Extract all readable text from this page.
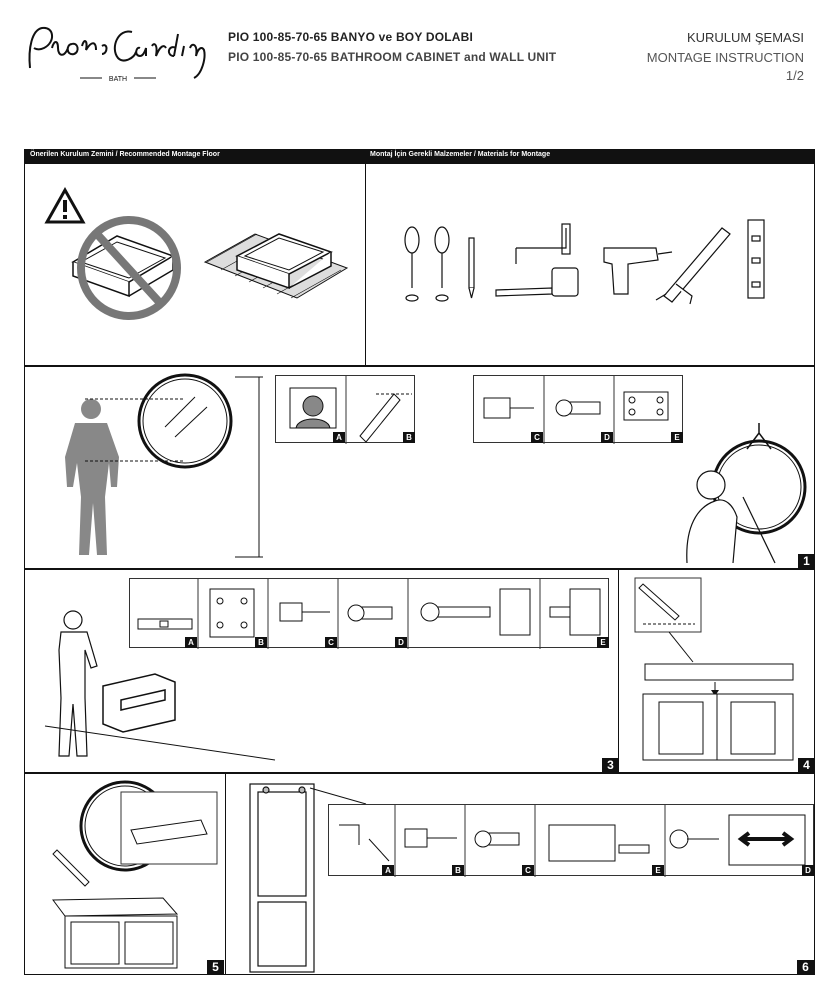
BATH
PIO 100-85-70-65 BANYO ve BOY DOLABI
PIO 100-85-70-65 BATHROOM CABINET and WALL UNIT
KURULUM ŞEMASI
MONTAGE INSTRUCTION
1/2
Önerilen Kurulum Zemini / Recommended Montage Floor	Montaj İçin Gerekli Malzemeler / Materials for Montage
A	B	C	D	E
1
A	B	C	D	E
3	4
5
A	B	C	E	D
6
